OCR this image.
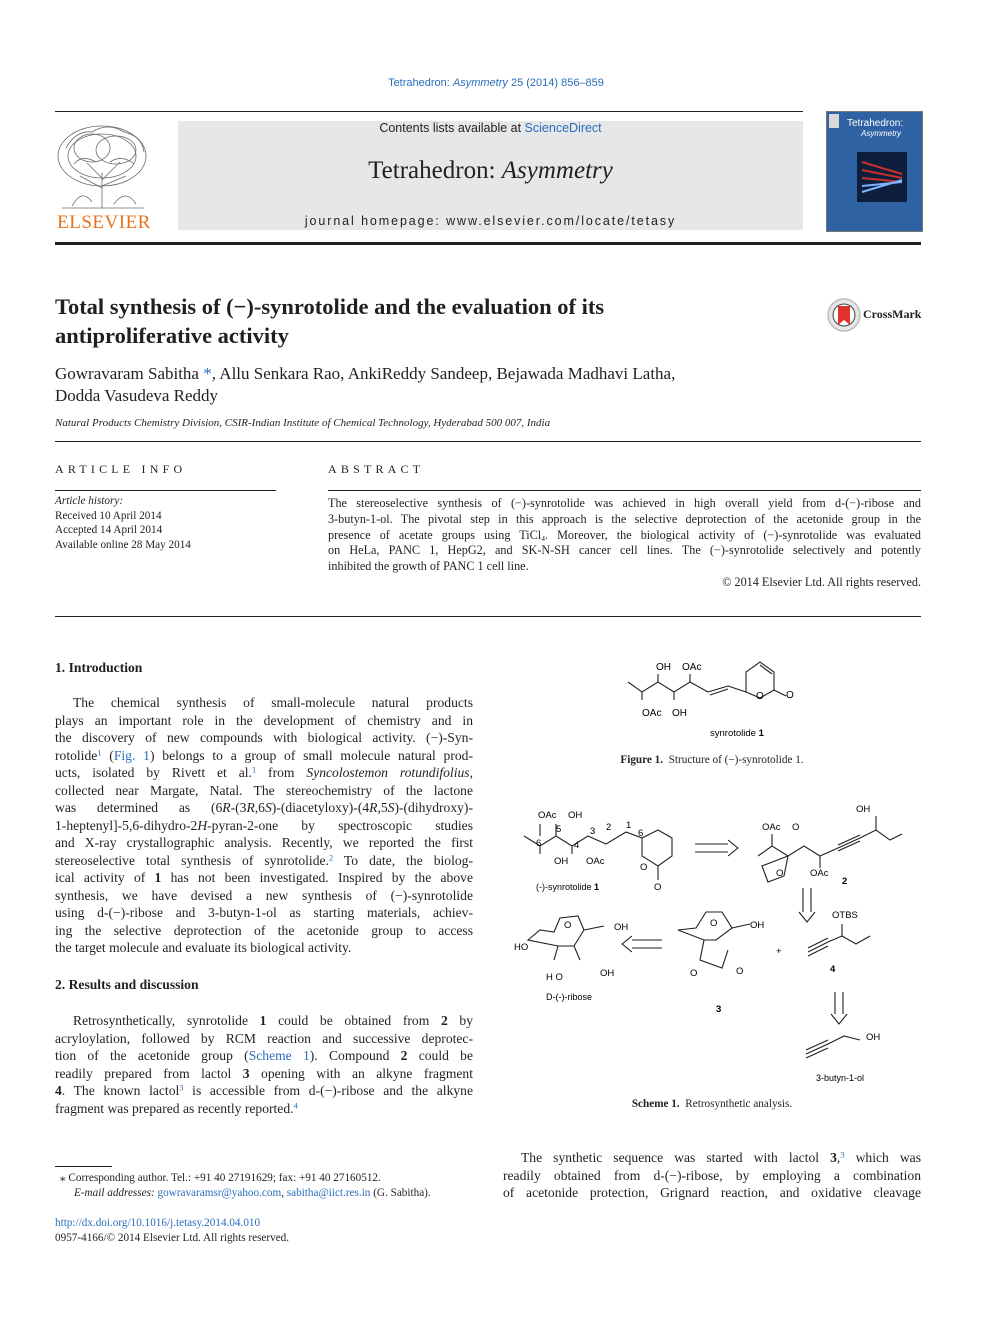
Tetrahedron: Asymmetry 25 (2014) 856–859
ELSEVIER
Contents lists available at ScienceDirect
Tetrahedron: Asymmetry
journal homepage: www.elsevier.com/locate/tetasy
Tetrahedron:
Asymmetry
Total synthesis of (−)-synrotolide and the evaluation of its
antiproliferative activity
CrossMark
Gowravaram Sabitha *, Allu Senkara Rao, AnkiReddy Sandeep, Bejawada Madhavi Latha,
Dodda Vasudeva Reddy
Natural Products Chemistry Division, CSIR-Indian Institute of Chemical Technology, Hyderabad 500 007, India
ARTICLE INFO
Article history:
Received 10 April 2014
Accepted 14 April 2014
Available online 28 May 2014
ABSTRACT
The stereoselective synthesis of (−)-synrotolide was achieved in high overall yield from d-(−)-ribose and
3-butyn-1-ol. The pivotal step in this approach is the selective deprotection of the acetonide group in the
presence of acetate groups using TiCl$_4$. Moreover, the biological activity of (−)-synrotolide was evaluated
on HeLa, PANC 1, HepG2, and SK-N-SH cancer cell lines. The (−)-synrotolide selectively and potently
inhibited the growth of PANC 1 cell line.
© 2014 Elsevier Ltd. All rights reserved.
1. Introduction
The chemical synthesis of small-molecule natural products
plays an important role in the development of chemistry and in
the discovery of new compounds with biological activity. (−)-Syn-
rotolide$^1$ (Fig. 1) belongs to a group of small molecule natural prod-
ucts, isolated by Rivett et al.$^1$ from Syncolostemon rotundifolius,
collected near Margate, Natal. The stereochemistry of the lactone
was determined as (6R-(3R,6S)-(diacetyloxy)-(4R,5S)-(dihydroxy)-
1-heptenyl]-5,6-dihydro-2H-pyran-2-one by spectroscopic studies
and X-ray crystallographic analysis. Recently, we reported the first
stereoselective total synthesis of synrotolide.$^2$ To date, the biolog-
ical activity of 1 has not been investigated. Inspired by the above
synthesis, we have devised a new synthesis of (−)-synrotolide
using d-(−)-ribose and 3-butyn-1-ol as starting materials, achiev-
ing the selective deprotection of the acetonide group to access
the target molecule and evaluate its biological activity.
2. Results and discussion
Retrosynthetically, synrotolide 1 could be obtained from 2 by
acryloylation, followed by RCM reaction and successive deprotec-
tion of the acetonide group (Scheme 1). Compound 2 could be
readily prepared from lactol 3 opening with an alkyne fragment
4. The known lactol$^3$ is accessible from d-(−)-ribose and the alkyne
fragment was prepared as recently reported.$^4$
⁎ Corresponding author. Tel.: +91 40 27191629; fax: +91 40 27160512.
E-mail addresses: gowravaramsr@yahoo.com, sabitha@iict.res.in (G. Sabitha).
http://dx.doi.org/10.1016/j.tetasy.2014.04.010
0957-4166/© 2014 Elsevier Ltd. All rights reserved.
OH OAc
OAc OH
O O
synrotolide 1
Figure 1. Structure of (−)-synrotolide 1.
OAc OH
5
6	4
3 2 1
6
OH OAc
O
O
(-)-synrotolide 1
OAc O
OH
O	OAc
2
O	OH
O	O
3
+
OTBS
4
HO
O	OH
H O	OH
D-(-)-ribose
OH
3-butyn-1-ol
Scheme 1. Retrosynthetic analysis.
The synthetic sequence was started with lactol 3,$^3$ which was
readily obtained from d-(−)-ribose, by employing a combination
of acetonide protection, Grignard reaction, and oxidative cleavage
